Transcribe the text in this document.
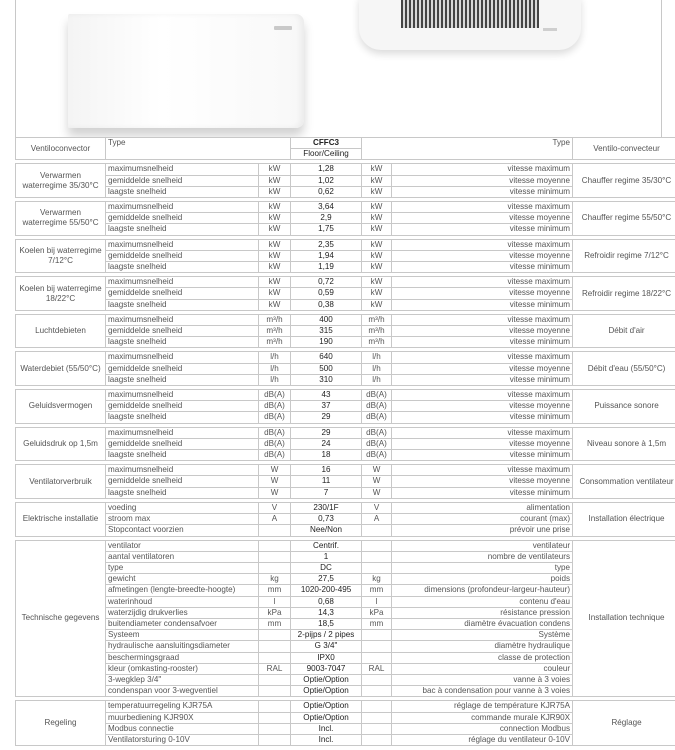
Ventiloconvector	Type		CFFC3	Type		Ventilo-convecteur
			Floor/Ceiling			

Verwarmen waterregime 35/30°C	maximumsnelheid	kW	1,28	kW	vitesse maximum	Chauffer regime 35/30°C
	gemiddelde snelheid	kW	1,02	kW	vitesse moyenne	
	laagste snelheid	kW	0,62	kW	vitesse minimum	

Verwarmen waterregime 55/50°C	maximumsnelheid	kW	3,64	kW	vitesse maximum	Chauffer regime 55/50°C
	gemiddelde snelheid	kW	2,9	kW	vitesse moyenne	
	laagste snelheid	kW	1,75	kW	vitesse minimum	

Koelen bij waterregime 7/12°C	maximumsnelheid	kW	2,35	kW	vitesse maximum	Refroidir regime 7/12°C
	gemiddelde snelheid	kW	1,94	kW	vitesse moyenne	
	laagste snelheid	kW	1,19	kW	vitesse minimum	

Koelen bij waterregime 18/22°C	maximumsnelheid	kW	0,72	kW	vitesse maximum	Refroidir regime 18/22°C
	gemiddelde snelheid	kW	0,59	kW	vitesse moyenne	
	laagste snelheid	kW	0,38	kW	vitesse minimum	

Luchtdebieten	maximumsnelheid	m³/h	400	m³/h	vitesse maximum	Débit d'air
	gemiddelde snelheid	m³/h	315	m³/h	vitesse moyenne	
	laagste snelheid	m³/h	190	m³/h	vitesse minimum	

Waterdebiet (55/50°C)	maximumsnelheid	l/h	640	l/h	vitesse maximum	Débit d'eau (55/50°C)
	gemiddelde snelheid	l/h	500	l/h	vitesse moyenne	
	laagste snelheid	l/h	310	l/h	vitesse minimum	

Geluidsvermogen	maximumsnelheid	dB(A)	43	dB(A)	vitesse maximum	Puissance sonore
	gemiddelde snelheid	dB(A)	37	dB(A)	vitesse moyenne	
	laagste snelheid	dB(A)	29	dB(A)	vitesse minimum	

Geluidsdruk op 1,5m	maximumsnelheid	dB(A)	29	dB(A)	vitesse maximum	Niveau sonore à 1,5m
	gemiddelde snelheid	dB(A)	24	dB(A)	vitesse moyenne	
	laagste snelheid	dB(A)	18	dB(A)	vitesse minimum	

Ventilatorverbruik	maximumsnelheid	W	16	W	vitesse maximum	Consommation ventilateur
	gemiddelde snelheid	W	11	W	vitesse moyenne	
	laagste snelheid	W	7	W	vitesse minimum	

Elektrische installatie	voeding	V	230/1F	V	alimentation	Installation électrique
	stroom max	A	0,73	A	courant (max)	
	Stopcontact voorzien		Nee/Non		prévoir une prise	

Technische gegevens	ventilator		Centrif.		ventilateur	Installation technique
	aantal ventilatoren		1		nombre de ventilateurs	
	type		DC		type	
	gewicht	kg	27,5	kg	poids	
	afmetingen (lengte-breedte-hoogte)	mm	1020-200-495	mm	dimensions (profondeur-largeur-hauteur)	
	waterinhoud	l	0,68	l	contenu d'eau	
	waterzijdig drukverlies	kPa	14,3	kPa	résistance pression	
	buitendiameter condensafvoer	mm	18,5	mm	diamètre évacuation condens	
	Systeem		2-pijps / 2 pipes		Système	
	hydraulische aansluitingsdiameter		G 3/4"		diamètre hydraulique	
	beschermingsgraad		IPX0		classe de protection	
	kleur (omkasting-rooster)	RAL	9003-7047	RAL	couleur	
	3-wegklep 3/4"		Optie/Option		vanne à 3 voies	
	condenspan voor 3-wegventiel		Optie/Option		bac à condensation pour vanne à 3 voies	

Regeling	temperatuurregeling KJR75A		Optie/Option		réglage de température KJR75A	Réglage
	muurbediening KJR90X		Optie/Option		commande murale KJR90X	
	Modbus connectie		Incl.		connection Modbus	
	Ventilatorsturing 0-10V		Incl.		réglage du ventilateur 0-10V	
